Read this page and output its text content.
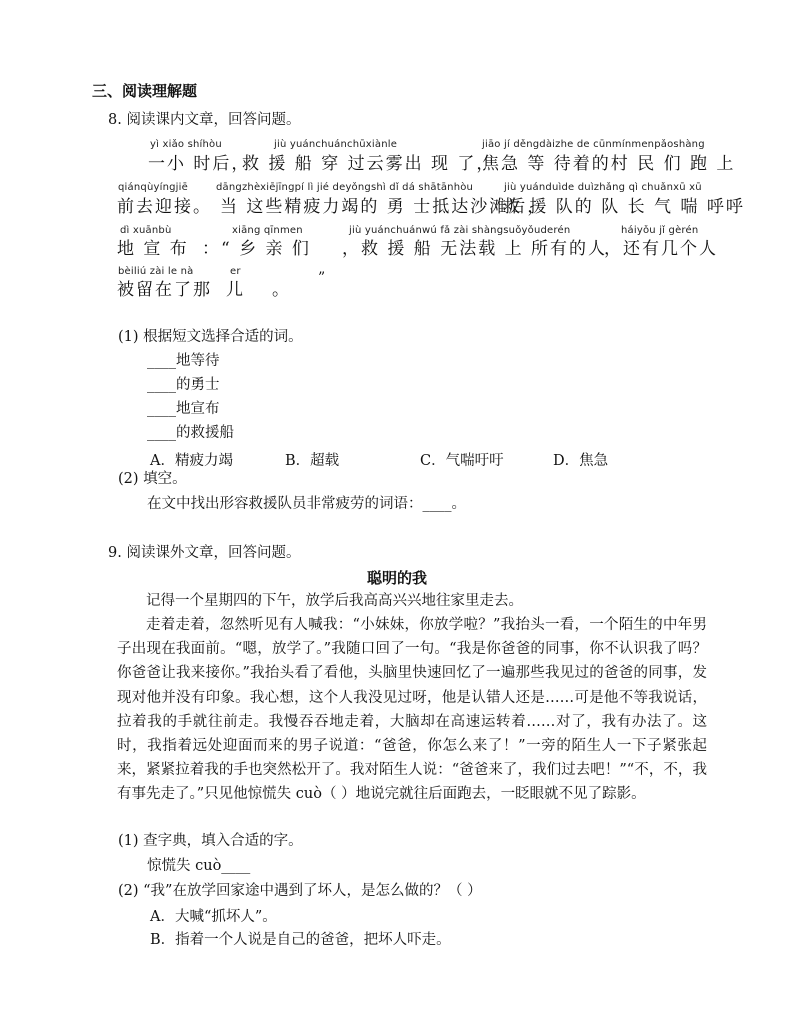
三、阅读理解题
8. 阅读课内文章，回答问题。
yì xiǎo shíhòu	jiù yuánchuánchūxiànle	jiāo jí děngdàizhe de cūnmínmenpǎoshàng
一小 时后，
救 援 船 穿 过云雾出 现 了，
焦急 等 待着的村 民 们 跑 上
qiánqùyíngjiē	dāngzhèxiējīngpí lì jié deyǒngshì dǐ dá shātānhòu	jiù yuánduìde duìzhǎng qì chuǎnxū xū
前去迎接。 当 这些精疲力竭的 勇 士抵达沙滩后，
救 援 队的 队 长 气 喘 呼呼
dì xuānbù	xiāng qīnmen	jiù yuánchuánwú fǎ zài shàngsuǒyǒuderén	háiyǒu jǐ gèrén
地 宣 布 ：“ 乡 亲 们 ，救 援 船 无法载 上 所有的人
，还有几个人
bèiliú zài le nà	er
被留在了那 儿 。
”
(1) 根据短文选择合适的词。
____地等待
____的勇士
____地宣布
____的救援船
A．精疲力竭	B．超载	C．气喘吁吁	D．焦急
(2) 填空。
在文中找出形容救援队员非常疲劳的词语：____。
9. 阅读课外文章，回答问题。
聪明的我
记得一个星期四的下午，放学后我高高兴兴地往家里走去。
走着走着，忽然听见有人喊我：“小妹妹，你放学啦？”我抬头一看，一个陌生的中年男子出现在我面前。“嗯，放学了。”我随口回了一句。“我是你爸爸的同事，你不认识我了吗？你爸爸让我来接你。”我抬头看了看他，头脑里快速回忆了一遍那些我见过的爸爸的同事，发现对他并没有印象。我心想，这个人我没见过呀，他是认错人还是……可是他不等我说话，拉着我的手就往前走。我慢吞吞地走着，大脑却在高速运转着……对了，我有办法了。这时，我指着远处迎面而来的男子说道：“爸爸，你怎么来了！”一旁的陌生人一下子紧张起来，紧紧拉着我的手也突然松开了。我对陌生人说：“爸爸来了，我们过去吧！”“不，不，我有事先走了。”只见他惊慌失 cuò（ ）地说完就往后面跑去，一眨眼就不见了踪影。
(1) 查字典，填入合适的字。
惊慌失 cuò____
(2) “我”在放学回家途中遇到了坏人，是怎么做的？（ ）
A．大喊“抓坏人”。
B．指着一个人说是自己的爸爸，把坏人吓走。
